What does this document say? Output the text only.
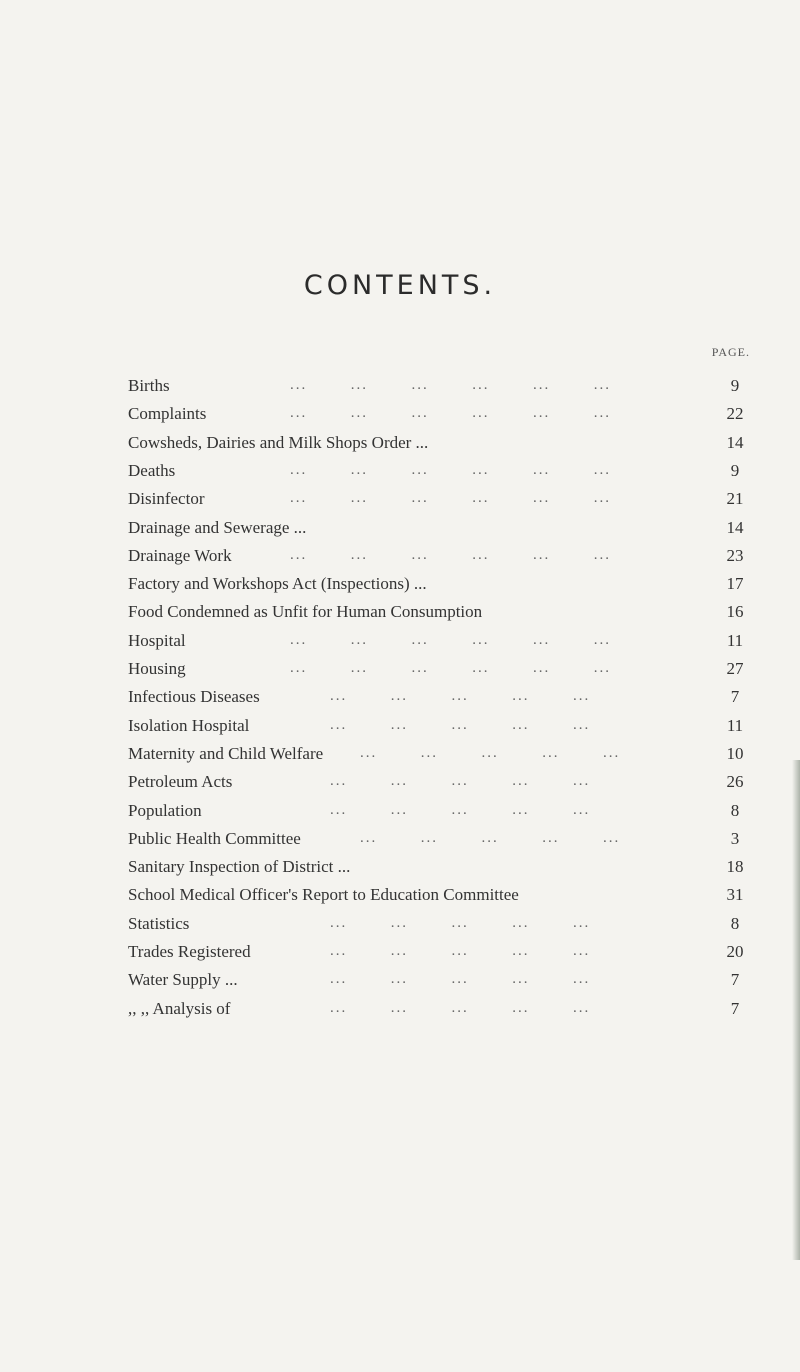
CONTENTS.
PAGE.
Births	...   ...   ...   ...   ...   ...   	9
Complaints	...   ...   ...   ...   ...   ...   	22
Cowsheds, Dairies and Milk Shops Order ...	14
Deaths	...   ...   ...   ...   ...   ...   	9
Disinfector	...   ...   ...   ...   ...   ...   	21
Drainage and Sewerage ...	14
Drainage Work	...   ...   ...   ...   ...   ...   	23
Factory and Workshops Act (Inspections) ...	17
Food Condemned as Unfit for Human Consumption	16
Hospital	...   ...   ...   ...   ...   ...   	11
Housing	...   ...   ...   ...   ...   ...   	27
Infectious Diseases	...   ...   ...   ...   ...   	7
Isolation Hospital	...   ...   ...   ...   ...   	11
Maternity and Child Welfare ...   ...   ...   ...   ...   	10
Petroleum Acts	...   ...   ...   ...   ...   	26
Population	...   ...   ...   ...   ...   	8
Public Health Committee	...   ...   ...   ...   ...   	3
Sanitary Inspection of District ...	18
School Medical Officer's Report to Education Committee	31
Statistics	...   ...   ...   ...   ...   	8
Trades Registered	...   ...   ...   ...   ...   	20
Water Supply ...	...   ...   ...   ...   ...   	7
,, ,, Analysis of	...   ...   ...   ...   ...   	7
